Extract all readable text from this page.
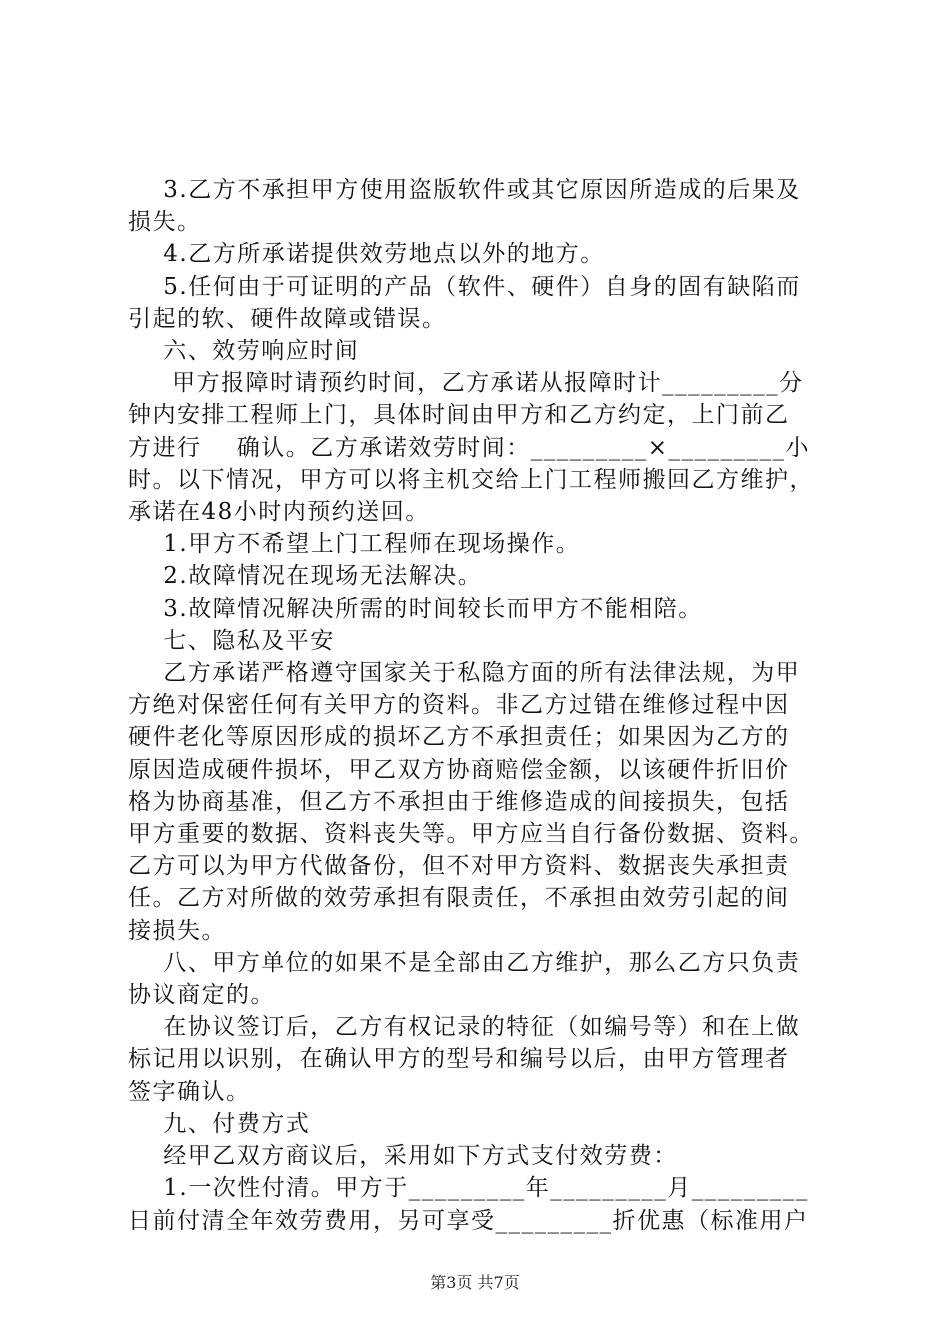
3.乙方不承担甲方使用盗版软件或其它原因所造成的后果及

损失。

4.乙方所承诺提供效劳地点以外的地方。

5.任何由于可证明的产品（软件、硬件）自身的固有缺陷而

引起的软、硬件故障或错误。

六、效劳响应时间

甲方报障时请预约时间，乙方承诺从报障时计_________分

钟内安排工程师上门，具体时间由甲方和乙方约定，上门前乙

方进行    确认。乙方承诺效劳时间：_________×_________小

时。以下情况，甲方可以将主机交给上门工程师搬回乙方维护，

承诺在48小时内预约送回。

1.甲方不希望上门工程师在现场操作。

2.故障情况在现场无法解决。

3.故障情况解决所需的时间较长而甲方不能相陪。

七、隐私及平安

乙方承诺严格遵守国家关于私隐方面的所有法律法规，为甲

方绝对保密任何有关甲方的资料。非乙方过错在维修过程中因

硬件老化等原因形成的损坏乙方不承担责任；如果因为乙方的

原因造成硬件损坏，甲乙双方协商赔偿金额，以该硬件折旧价

格为协商基准，但乙方不承担由于维修造成的间接损失，包括

甲方重要的数据、资料丧失等。甲方应当自行备份数据、资料。

乙方可以为甲方代做备份，但不对甲方资料、数据丧失承担责

任。乙方对所做的效劳承担有限责任，不承担由效劳引起的间

接损失。

八、甲方单位的如果不是全部由乙方维护，那么乙方只负责

协议商定的。

在协议签订后，乙方有权记录的特征（如编号等）和在上做

标记用以识别，在确认甲方的型号和编号以后，由甲方管理者

签字确认。

九、付费方式

经甲乙双方商议后，采用如下方式支付效劳费：

1.一次性付清。甲方于_________年_________月_________

日前付清全年效劳费用，另可享受_________折优惠（标准用户

第3页 共7页
